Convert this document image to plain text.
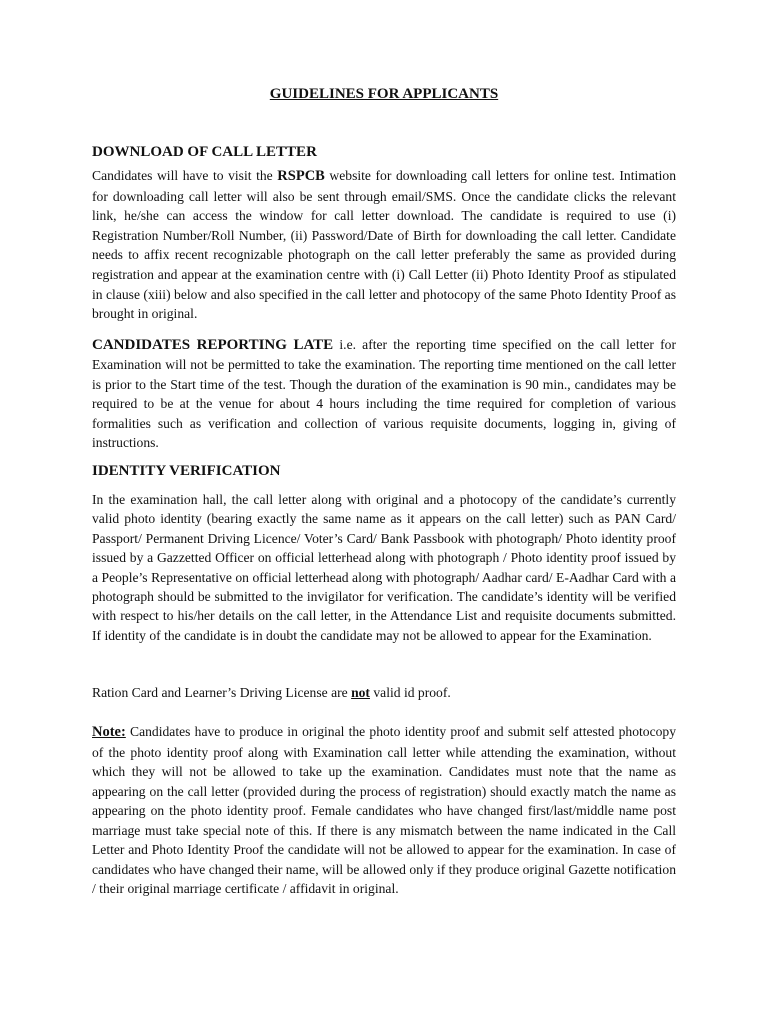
GUIDELINES FOR APPLICANTS
DOWNLOAD OF CALL LETTER

Candidates will have to visit the RSPCB website for downloading call letters for online test. Intimation for downloading call letter will also be sent through email/SMS. Once the candidate clicks the relevant link, he/she can access the window for call letter download. The candidate is required to use (i) Registration Number/Roll Number, (ii) Password/Date of Birth for downloading the call letter. Candidate needs to affix recent recognizable photograph on the call letter preferably the same as provided during registration and appear at the examination centre with (i) Call Letter (ii) Photo Identity Proof as stipulated in clause (xiii) below and also specified in the call letter and photocopy of the same Photo Identity Proof as brought in original.

CANDIDATES REPORTING LATE i.e. after the reporting time specified on the call letter for Examination will not be permitted to take the examination. The reporting time mentioned on the call letter is prior to the Start time of the test. Though the duration of the examination is 90 min., candidates may be required to be at the venue for about 4 hours including the time required for completion of various formalities such as verification and collection of various requisite documents, logging in, giving of instructions.

IDENTITY VERIFICATION

In the examination hall, the call letter along with original and a photocopy of the candidate’s currently valid photo identity (bearing exactly the same name as it appears on the call letter) such as PAN Card/ Passport/ Permanent Driving Licence/ Voter’s Card/ Bank Passbook with photograph/ Photo identity proof issued by a Gazzetted Officer on official letterhead along with photograph / Photo identity proof issued by a People’s Representative on official letterhead along with photograph/ Aadhar card/ E-Aadhar Card with a photograph should be submitted to the invigilator for verification. The candidate’s identity will be verified with respect to his/her details on the call letter, in the Attendance List and requisite documents submitted. If identity of the candidate is in doubt the candidate may not be allowed to appear for the Examination.

Ration Card and Learner’s Driving License are not valid id proof.

Note: Candidates have to produce in original the photo identity proof and submit self attested photocopy of the photo identity proof along with Examination call letter while attending the examination, without which they will not be allowed to take up the examination. Candidates must note that the name as appearing on the call letter (provided during the process of registration) should exactly match the name as appearing on the photo identity proof. Female candidates who have changed first/last/middle name post marriage must take special note of this. If there is any mismatch between the name indicated in the Call Letter and Photo Identity Proof the candidate will not be allowed to appear for the examination. In case of candidates who have changed their name, will be allowed only if they produce original Gazette notification / their original marriage certificate / affidavit in original.
